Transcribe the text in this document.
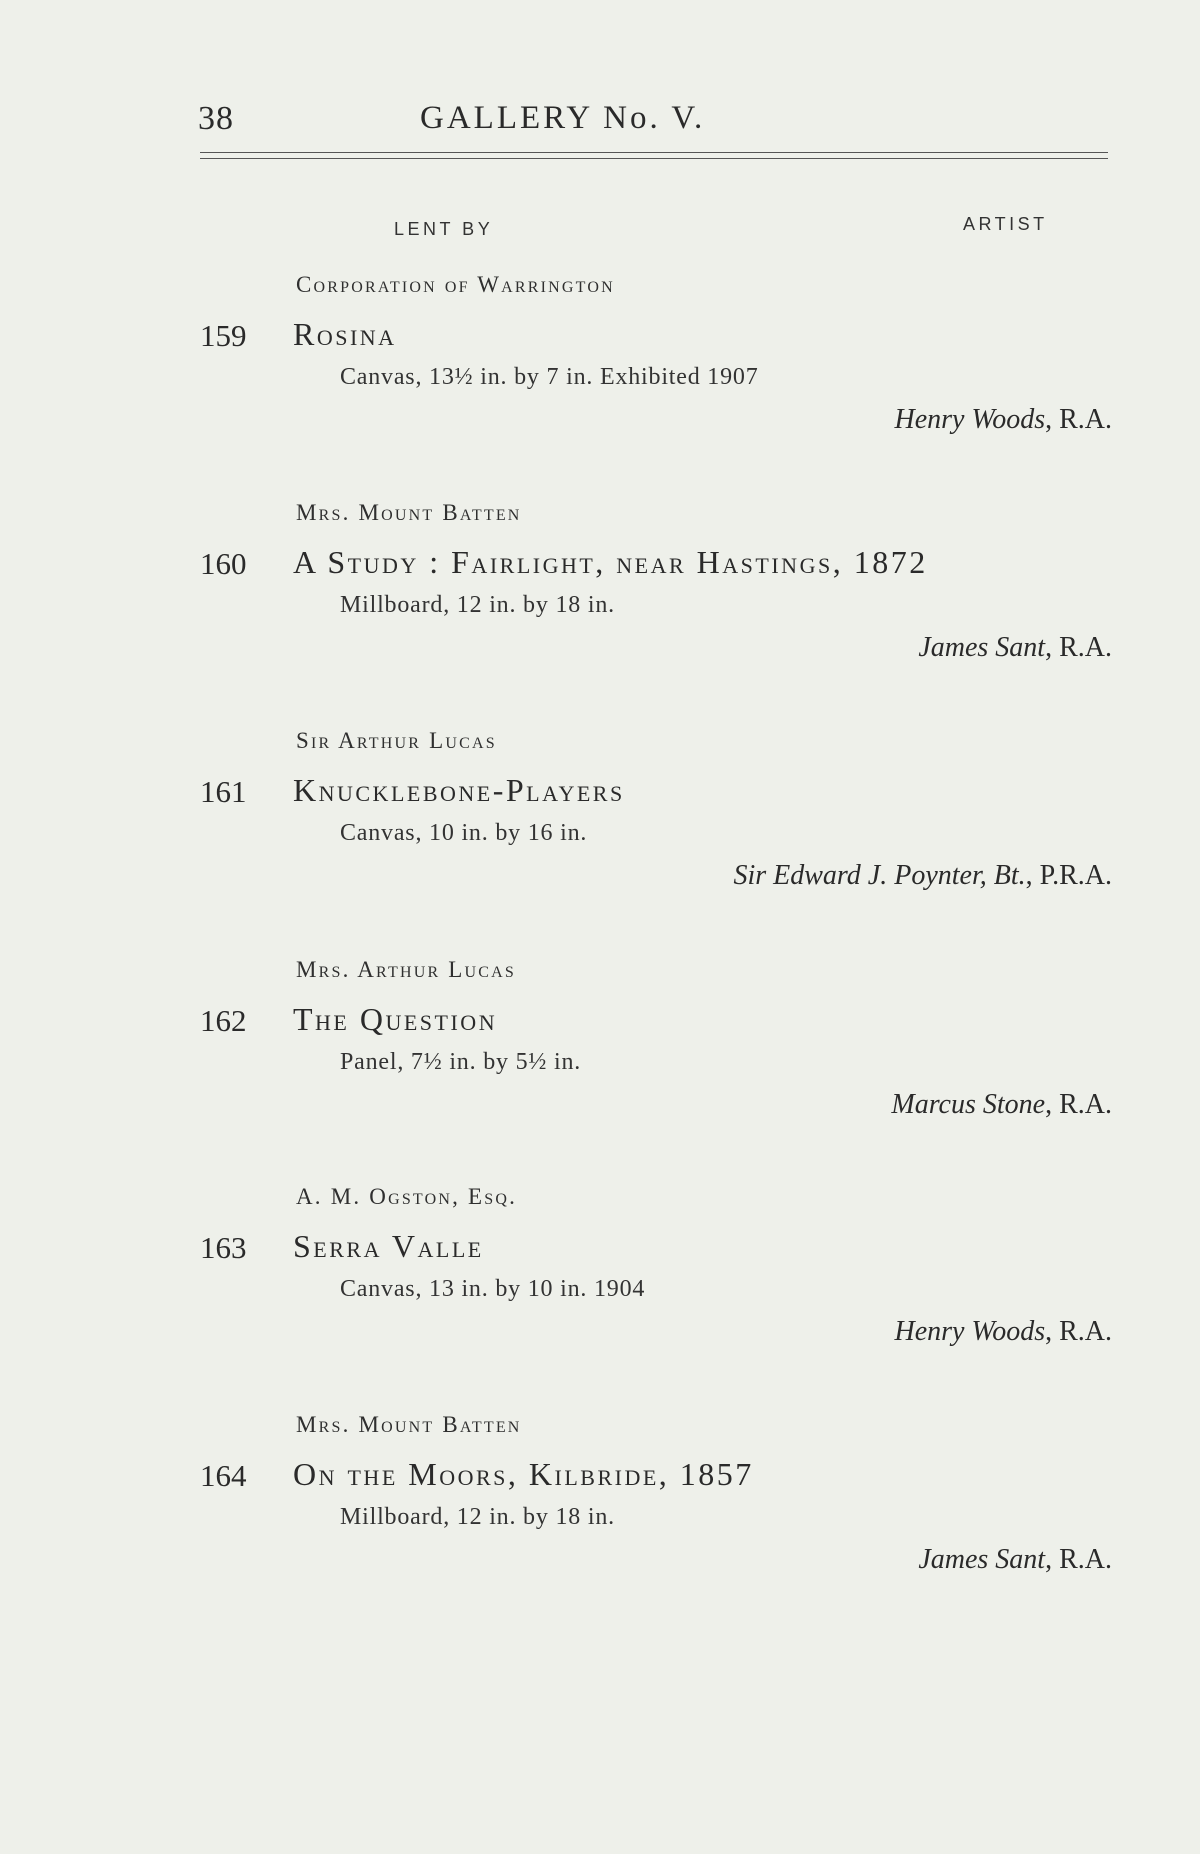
38	GALLERY No. V.
LENT BY	ARTIST
Corporation of Warrington
159 Rosina
Canvas, 13½ in. by 7 in. Exhibited 1907
Henry Woods, R.A.
Mrs. Mount Batten
160 A Study : Fairlight, near Hastings, 1872
Millboard, 12 in. by 18 in.
James Sant, R.A.
Sir Arthur Lucas
161 Knucklebone-Players
Canvas, 10 in. by 16 in.
Sir Edward J. Poynter, Bt., P.R.A.
Mrs. Arthur Lucas
162 The Question
Panel, 7½ in. by 5½ in.
Marcus Stone, R.A.
A. M. Ogston, Esq.
163 Serra Valle
Canvas, 13 in. by 10 in. 1904
Henry Woods, R.A.
Mrs. Mount Batten
164 On the Moors, Kilbride, 1857
Millboard, 12 in. by 18 in.
James Sant, R.A.
